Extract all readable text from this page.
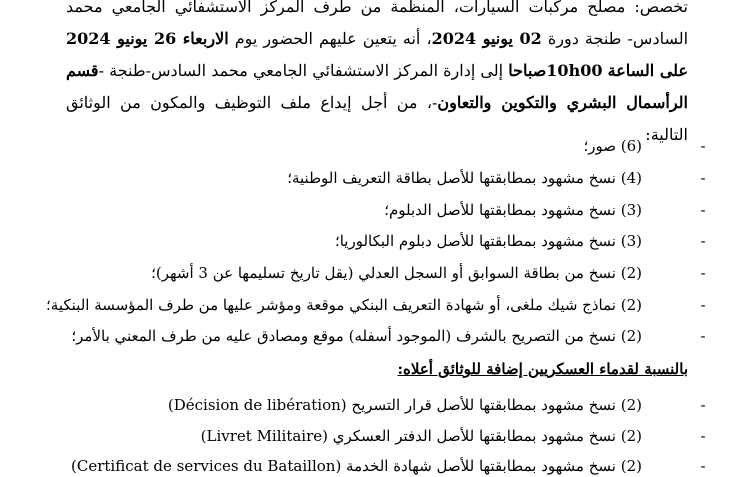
تخصص: مصلح مركبات السيارات، المنظمة من طرف المركز الاستشفائي الجامعي محمد السادس- طنجة دورة 02 يونيو 2024، أنه يتعين عليهم الحضور يوم الاربعاء 26 يونيو 2024 على الساعة 10h00صباحا إلى إدارة المركز الاستشفائي الجامعي محمد السادس-طنجة -قسم الرأسمال البشري والتكوين والتعاون-، من أجل إيداع ملف التوظيف والمكون من الوثائق التالية:
-
(6) صور؛
-
(4) نسخ مشهود بمطابقتها للأصل بطاقة التعريف الوطنية؛
-
(3) نسخ مشهود بمطابقتها للأصل الدبلوم؛
-
(3) نسخ مشهود بمطابقتها للأصل دبلوم البكالوريا؛
-
(2) نسخ من بطاقة السوابق أو السجل العدلي (يقل تاريخ تسليمها عن 3 أشهر)؛
-
(2) نماذج شيك ملغى، أو شهادة التعريف البنكي موقعة ومؤشر عليها من طرف المؤسسة البنكية؛
-
(2) نسخ من التصريح بالشرف (الموجود أسفله) موقع ومصادق عليه من طرف المعني بالأمر؛
بالنسبة لقدماء العسكريين إضافة للوثائق أعلاه:
-
(2) نسخ مشهود بمطابقتها للأصل قرار التسريح (Décision de libération)
-
(2) نسخ مشهود بمطابقتها للأصل الدفتر العسكري (Livret Militaire)
-
(2) نسخ مشهود بمطابقتها للأصل شهادة الخدمة (Certificat de services du Bataillon)
